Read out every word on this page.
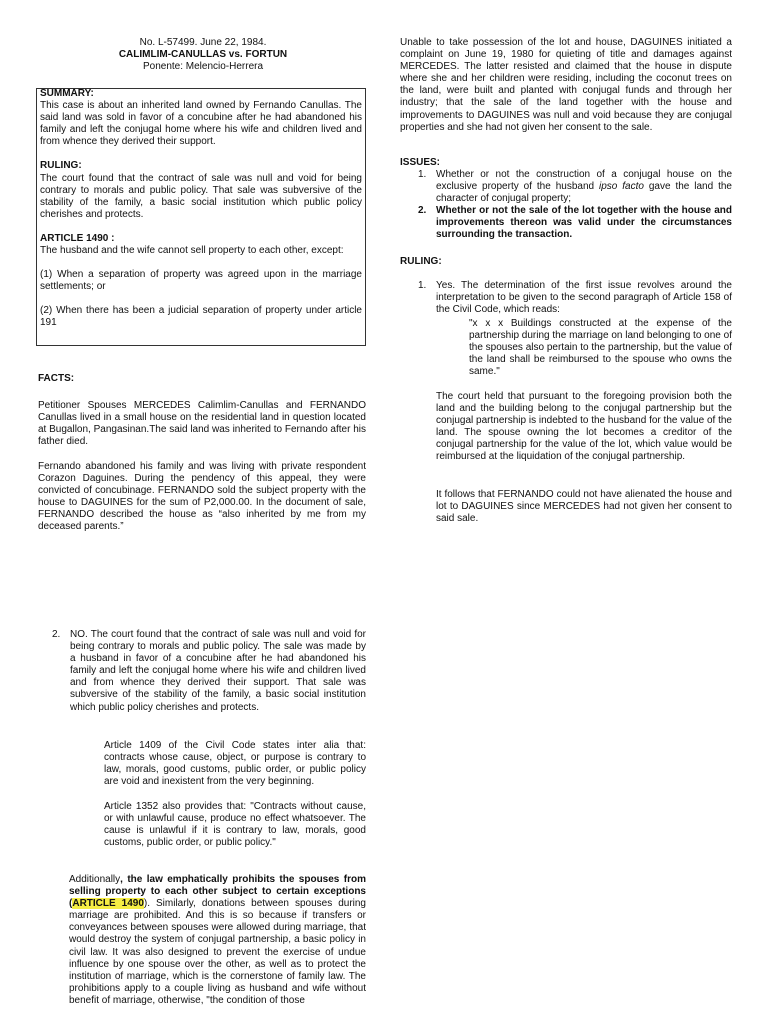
No. L-57499. June 22, 1984.

CALIMLIM-CANULLAS vs. FORTUN

Ponente: Melencio-Herrera

SUMMARY:

This case is about an inherited land owned by Fernando Canullas. The said land was sold in favor of a concubine after he had abandoned his family and left the conjugal home where his wife and children lived and from whence they derived their support.

RULING:

The court found that the contract of sale was null and void for being contrary to morals and public policy. That sale was subversive of the stability of the family, a basic social institution which public policy cherishes and protects.

ARTICLE 1490 :

The husband and the wife cannot sell property to each other, except:

(1) When a separation of property was agreed upon in the marriage settlements; or

(2) When there has been a judicial separation of property under article 191

FACTS:

Petitioner Spouses MERCEDES Calimlim-Canullas and FERNANDO Canullas lived in a small house on the residential land in question located at Bugallon, Pangasinan.The said land was inherited to Fernando after his father died.

Fernando abandoned his family and was living with private respondent Corazon Daguines. During the pendency of this appeal, they were convicted of concubinage. FERNANDO sold the subject property with the house to DAGUINES for the sum of P2,000.00. In the document of sale, FERNANDO described the house as “also inherited by me from my deceased parents.”

Unable to take possession of the lot and house, DAGUINES initiated a complaint on June 19, 1980 for quieting of title and damages against MERCEDES. The latter resisted and claimed that the house in dispute where she and her children were residing, including the coconut trees on the land, were built and planted with conjugal funds and through her industry; that the sale of the land together with the house and improvements to DAGUINES was null and void because they are conjugal properties and she had not given her consent to the sale.

ISSUES:

1. Whether or not the construction of a conjugal house on the exclusive property of the husband ipso facto gave the land the character of conjugal property;
2. Whether or not the sale of the lot together with the house and improvements thereon was valid under the circumstances surrounding the transaction.

RULING:

1. Yes. The determination of the first issue revolves around the interpretation to be given to the second paragraph of Article 158 of the Civil Code, which reads:

"x x x Buildings constructed at the expense of the partnership during the marriage on land belonging to one of the spouses also pertain to the partnership, but the value of the land shall be reimbursed to the spouse who owns the same."

The court held that pursuant to the foregoing provision both the land and the building belong to the conjugal partnership but the conjugal partnership is indebted to the husband for the value of the land. The spouse owning the lot becomes a creditor of the conjugal partnership for the value of the lot, which value would be reimbursed at the liquidation of the conjugal partnership.

It follows that FERNANDO could not have alienated the house and lot to DAGUINES since MERCEDES had not given her consent to said sale.

2. NO. The court found that the contract of sale was null and void for being contrary to morals and public policy. The sale was made by a husband in favor of a concubine after he had abandoned his family and left the conjugal home where his wife and children lived and from whence they derived their support. That sale was subversive of the stability of the family, a basic social institution which public policy cherishes and protects.

Article 1409 of the Civil Code states inter alia that: contracts whose cause, object, or purpose is contrary to law, morals, good customs, public order, or public policy are void and inexistent from the very beginning.

Article 1352 also provides that: "Contracts without cause, or with unlawful cause, produce no effect whatsoever. The cause is unlawful if it is contrary to law, morals, good customs, public order, or public policy."

Additionally, the law emphatically prohibits the spouses from selling property to each other subject to certain exceptions (ARTICLE 1490). Similarly, donations between spouses during marriage are prohibited. And this is so because if transfers or conveyances between spouses were allowed during marriage, that would destroy the system of conjugal partnership, a basic policy in civil law. It was also designed to prevent the exercise of undue influence by one spouse over the other, as well as to protect the institution of marriage, which is the cornerstone of family law. The prohibitions apply to a couple living as husband and wife without benefit of marriage, otherwise, "the condition of those
